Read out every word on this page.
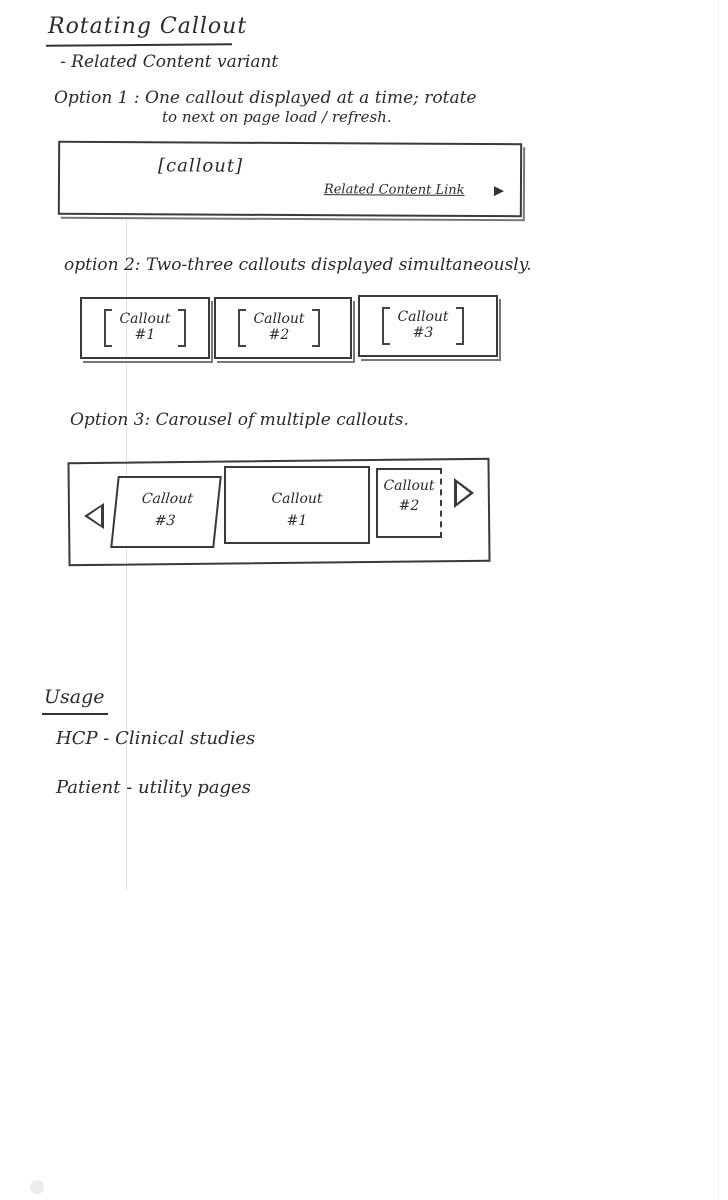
Rotating Callout
- Related Content variant
Option 1 : One callout displayed at a time; rotate
to next on page load / refresh.
[callout]
Related Content Link
option 2: Two-three callouts displayed simultaneously.
Callout
#1
Callout
#2
Callout
#3
Option 3: Carousel of multiple callouts.
Callout
#3
Callout
#1
Callout
#2
Usage
HCP - Clinical studies
Patient - utility pages
